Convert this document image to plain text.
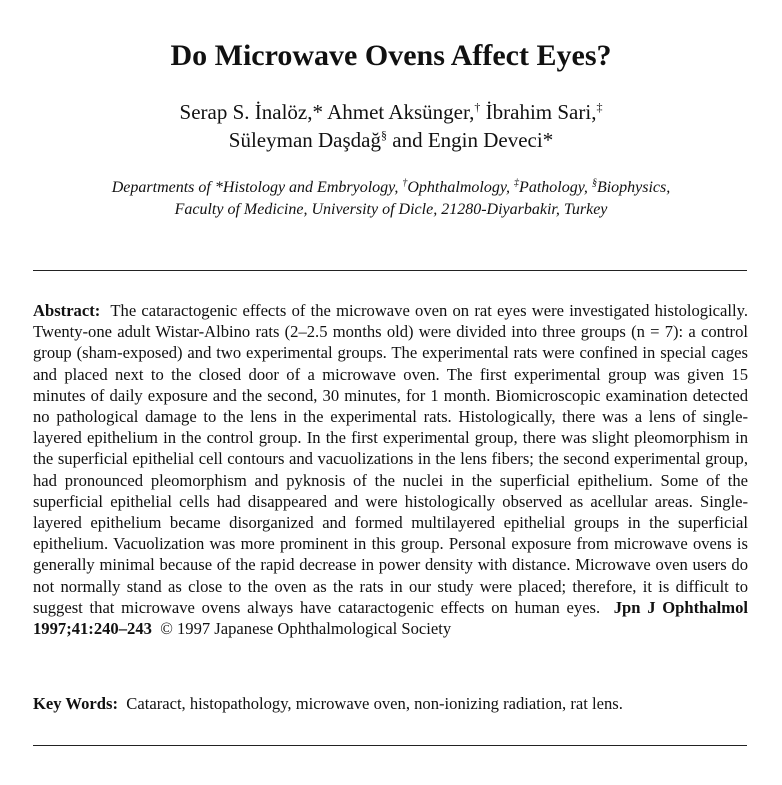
Do Microwave Ovens Affect Eyes?
Serap S. İnalöz,* Ahmet Aksünger,† İbrahim Sari,‡
Süleyman Daşdağ§ and Engin Deveci*
Departments of *Histology and Embryology, †Ophthalmology, ‡Pathology, §Biophysics,
Faculty of Medicine, University of Dicle, 21280-Diyarbakir, Turkey
Abstract: The cataractogenic effects of the microwave oven on rat eyes were investigated histologically. Twenty-one adult Wistar-Albino rats (2–2.5 months old) were divided into three groups (n = 7): a control group (sham-exposed) and two experimental groups. The experimental rats were confined in special cages and placed next to the closed door of a microwave oven. The first experimental group was given 15 minutes of daily exposure and the second, 30 minutes, for 1 month. Biomicroscopic examination detected no pathological damage to the lens in the experimental rats. Histologically, there was a lens of single-layered epithelium in the control group. In the first experimental group, there was slight pleomorphism in the superficial epithelial cell contours and vacuolizations in the lens fibers; the second experimental group, had pronounced pleomorphism and pyknosis of the nuclei in the superficial epithelium. Some of the superficial epithelial cells had disappeared and were histologically observed as acellular areas. Single-layered epithelium became disorganized and formed multilayered epithelial groups in the superficial epithelium. Vacuolization was more prominent in this group. Personal exposure from microwave ovens is generally minimal because of the rapid decrease in power density with distance. Microwave oven users do not normally stand as close to the oven as the rats in our study were placed; therefore, it is difficult to suggest that microwave ovens always have cataractogenic effects on human eyes. Jpn J Ophthalmol 1997;41:240–243 © 1997 Japanese Ophthalmological Society
Key Words: Cataract, histopathology, microwave oven, non-ionizing radiation, rat lens.
